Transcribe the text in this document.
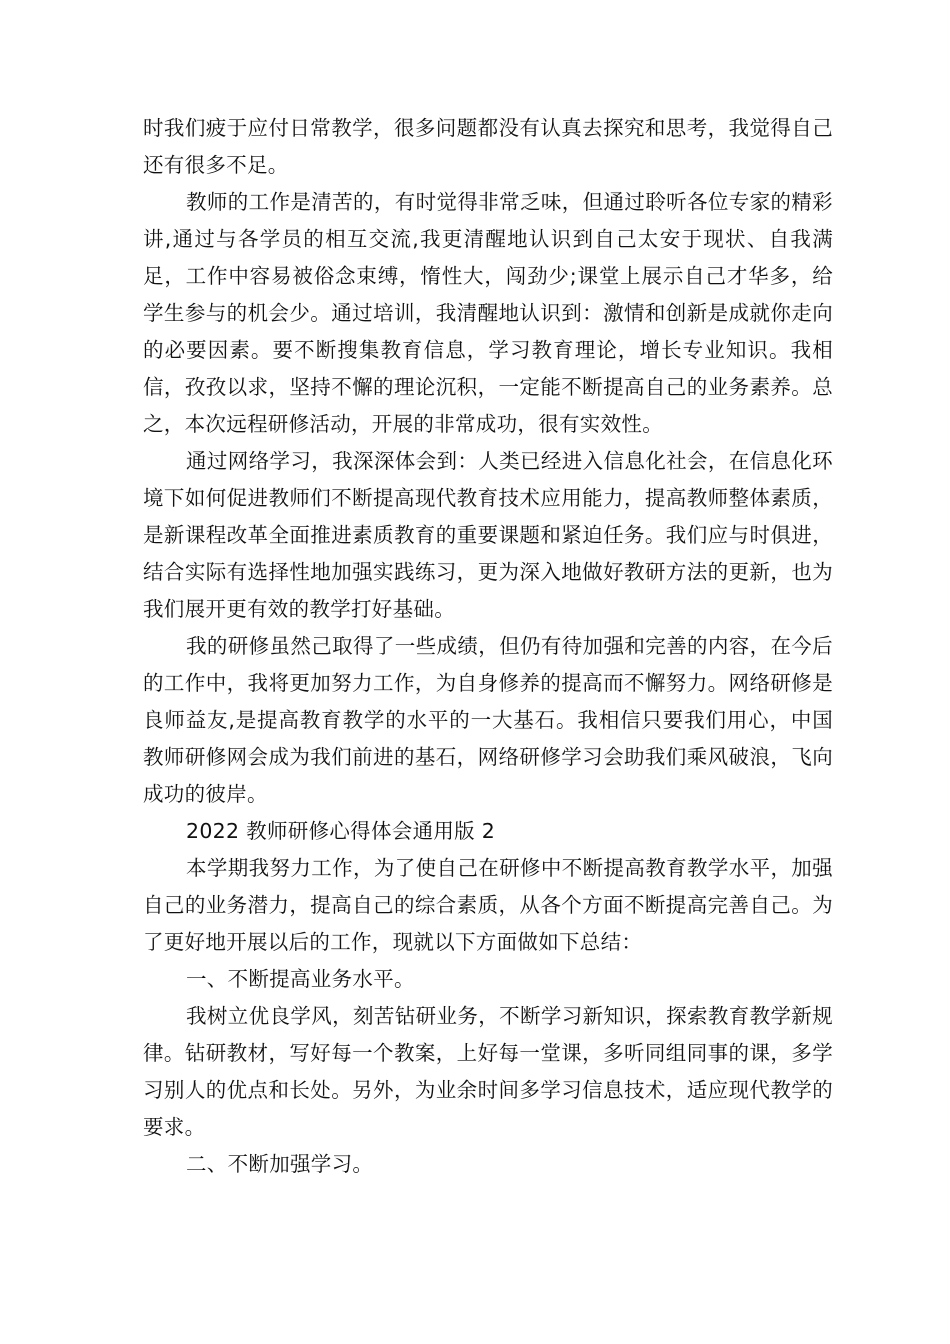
时我们疲于应付日常教学，很多问题都没有认真去探究和思考，我觉得自己还有很多不足。

教师的工作是清苦的，有时觉得非常乏味，但通过聆听各位专家的精彩讲,通过与各学员的相互交流,我更清醒地认识到自己太安于现状、自我满足，工作中容易被俗念束缚，惰性大，闯劲少;课堂上展示自己才华多，给学生参与的机会少。通过培训，我清醒地认识到：激情和创新是成就你走向的必要因素。要不断搜集教育信息，学习教育理论，增长专业知识。我相信，孜孜以求，坚持不懈的理论沉积，一定能不断提高自己的业务素养。总之，本次远程研修活动，开展的非常成功，很有实效性。

通过网络学习，我深深体会到：人类已经进入信息化社会，在信息化环境下如何促进教师们不断提高现代教育技术应用能力，提高教师整体素质，是新课程改革全面推进素质教育的重要课题和紧迫任务。我们应与时俱进，结合实际有选择性地加强实践练习，更为深入地做好教研方法的更新，也为我们展开更有效的教学打好基础。

我的研修虽然己取得了一些成绩，但仍有待加强和完善的内容，在今后的工作中，我将更加努力工作，为自身修养的提高而不懈努力。网络研修是良师益友,是提高教育教学的水平的一大基石。我相信只要我们用心，中国教师研修网会成为我们前进的基石，网络研修学习会助我们乘风破浪，飞向成功的彼岸。

2022 教师研修心得体会通用版 2

本学期我努力工作，为了使自己在研修中不断提高教育教学水平，加强自己的业务潜力，提高自己的综合素质，从各个方面不断提高完善自己。为了更好地开展以后的工作，现就以下方面做如下总结：

一、不断提高业务水平。

我树立优良学风，刻苦钻研业务，不断学习新知识，探索教育教学新规律。钻研教材，写好每一个教案，上好每一堂课，多听同组同事的课，多学习别人的优点和长处。另外，为业余时间多学习信息技术，适应现代教学的要求。

二、不断加强学习。
